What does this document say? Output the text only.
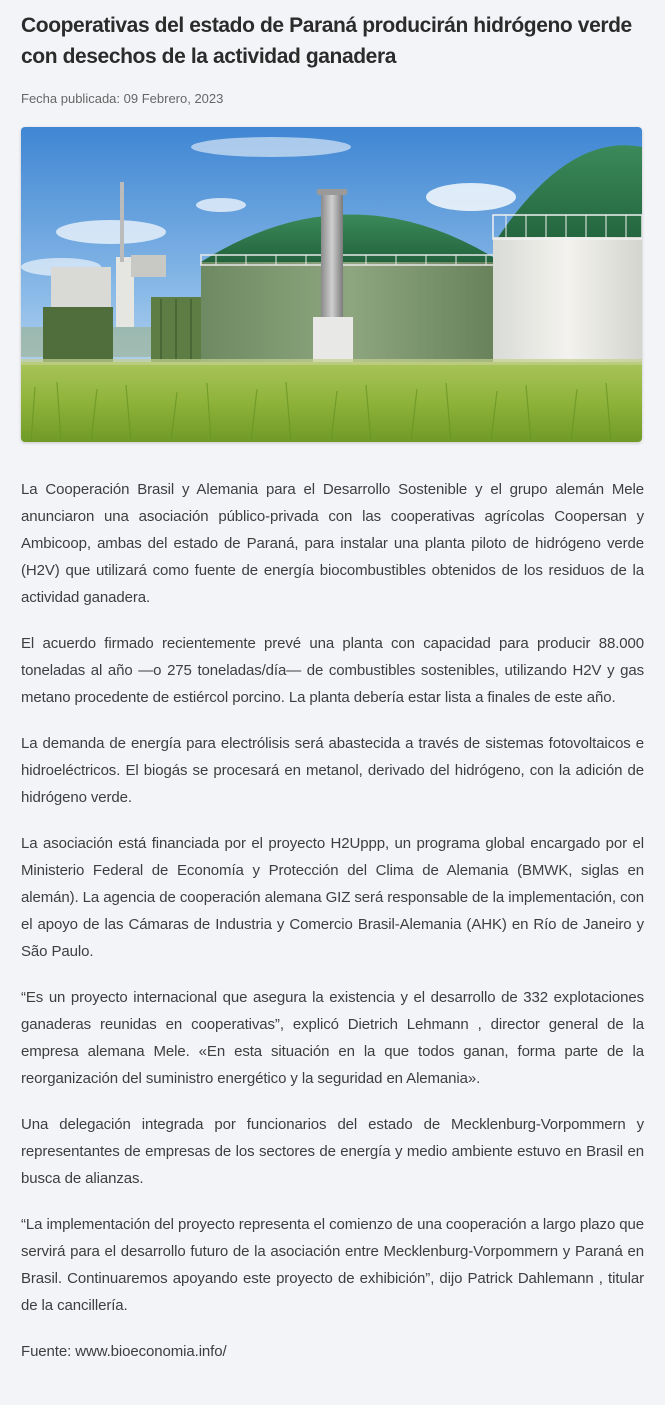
Cooperativas del estado de Paraná producirán hidrógeno verde con desechos de la actividad ganadera
Fecha publicada: 09 Febrero, 2023

La Cooperación Brasil y Alemania para el Desarrollo Sostenible y el grupo alemán Mele anunciaron una asociación público-privada con las cooperativas agrícolas Coopersan y Ambicoop, ambas del estado de Paraná, para instalar una planta piloto de hidrógeno verde (H2V) que utilizará como fuente de energía biocombustibles obtenidos de los residuos de la actividad ganadera.

El acuerdo firmado recientemente prevé una planta con capacidad para producir 88.000 toneladas al año —o 275 toneladas/día— de combustibles sostenibles, utilizando H2V y gas metano procedente de estiércol porcino. La planta debería estar lista a finales de este año.

La demanda de energía para electrólisis será abastecida a través de sistemas fotovoltaicos e hidroeléctricos. El biogás se procesará en metanol, derivado del hidrógeno, con la adición de hidrógeno verde.

La asociación está financiada por el proyecto H2Uppp, un programa global encargado por el Ministerio Federal de Economía y Protección del Clima de Alemania (BMWK, siglas en alemán). La agencia de cooperación alemana GIZ será responsable de la implementación, con el apoyo de las Cámaras de Industria y Comercio Brasil-Alemania (AHK) en Río de Janeiro y São Paulo.

“Es un proyecto internacional que asegura la existencia y el desarrollo de 332 explotaciones ganaderas reunidas en cooperativas”, explicó Dietrich Lehmann , director general de la empresa alemana Mele. «En esta situación en la que todos ganan, forma parte de la reorganización del suministro energético y la seguridad en Alemania».

Una delegación integrada por funcionarios del estado de Mecklenburg-Vorpommern y representantes de empresas de los sectores de energía y medio ambiente estuvo en Brasil en busca de alianzas.

“La implementación del proyecto representa el comienzo de una cooperación a largo plazo que servirá para el desarrollo futuro de la asociación entre Mecklenburg-Vorpommern y Paraná en Brasil. Continuaremos apoyando este proyecto de exhibición”, dijo Patrick Dahlemann , titular de la cancillería.

Fuente: www.bioeconomia.info/
